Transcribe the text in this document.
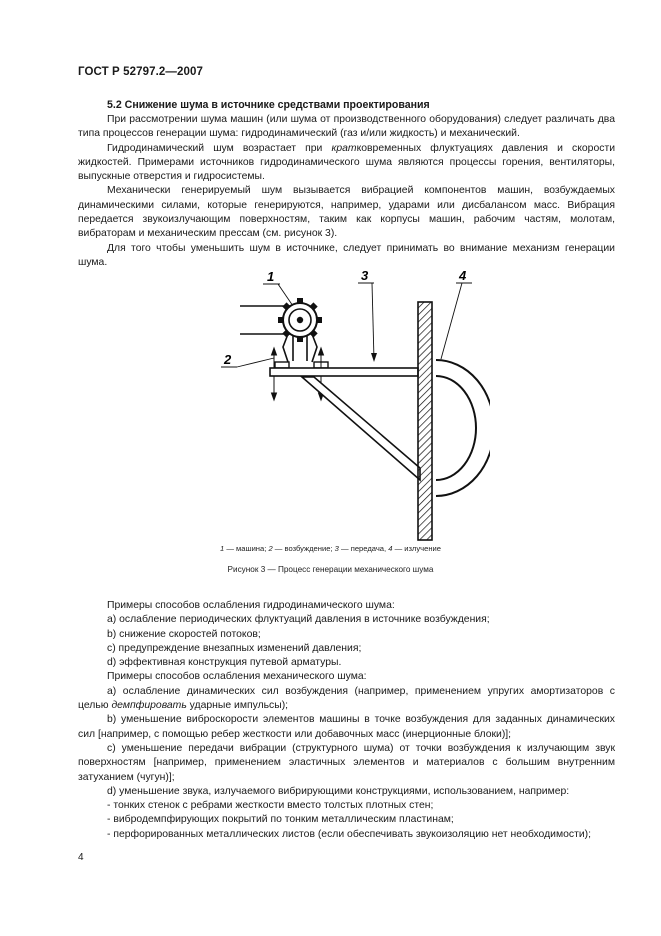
ГОСТ Р 52797.2—2007
5.2 Снижение шума в источнике средствами проектирования

При рассмотрении шума машин (или шума от производственного оборудования) следует различать два типа процессов генерации шума: гидродинамический (газ и/или жидкость) и механический.

Гидродинамический шум возрастает при кратковременных флуктуациях давления и скорости жидкостей. Примерами источников гидродинамического шума являются процессы горения, вентиляторы, выпускные отверстия и гидросистемы.

Механически генерируемый шум вызывается вибрацией компонентов машин, возбуждаемых динамическими силами, которые генерируются, например, ударами или дисбалансом масс. Вибрация передается звукоизлучающим поверхностям, таким как корпусы машин, рабочим частям, молотам, вибраторам и механическим прессам (см. рисунок 3).

Для того чтобы уменьшить шум в источнике, следует принимать во внимание механизм генерации шума.

1	3	4
2
1 — машина; 2 — возбуждение; 3 — передача, 4 — излучение
Рисунок 3 — Процесс генерации механического шума

Примеры способов ослабления гидродинамического шума:

a) ослабление периодических флуктуаций давления в источнике возбуждения;

b) снижение скоростей потоков;

c) предупреждение внезапных изменений давления;

d) эффективная конструкция путевой арматуры.

Примеры способов ослабления механического шума:

a) ослабление динамических сил возбуждения (например, применением упругих амортизаторов с целью демпфировать ударные импульсы);

b) уменьшение виброскорости элементов машины в точке возбуждения для заданных динамических сил [например, с помощью ребер жесткости или добавочных масс (инерционные блоки)];

c) уменьшение передачи вибрации (структурного шума) от точки возбуждения к излучающим звук поверхностям [например, применением эластичных элементов и материалов с большим внутренним затуханием (чугун)];

d) уменьшение звука, излучаемого вибрирующими конструкциями, использованием, например:

- тонких стенок с ребрами жесткости вместо толстых плотных стен;

- вибродемпфирующих покрытий по тонким металлическим пластинам;

- перфорированных металлических листов (если обеспечивать звукоизоляцию нет необходимости);

4
